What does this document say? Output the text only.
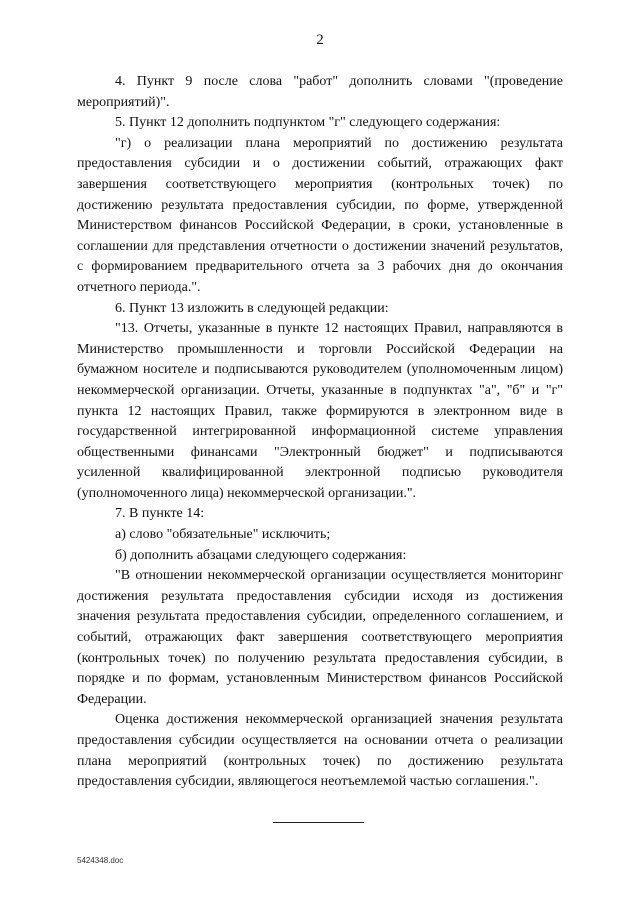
2

4. Пункт 9 после слова "работ" дополнить словами "(проведение мероприятий)".

5. Пункт 12 дополнить подпунктом "г" следующего содержания:

"г) о реализации плана мероприятий по достижению результата предоставления субсидии и о достижении событий, отражающих факт завершения соответствующего мероприятия (контрольных точек) по достижению результата предоставления субсидии, по форме, утвержденной Министерством финансов Российской Федерации, в сроки, установленные в соглашении для представления отчетности о достижении значений результатов, с формированием предварительного отчета за 3 рабочих дня до окончания отчетного периода.".

6. Пункт 13 изложить в следующей редакции:

"13. Отчеты, указанные в пункте 12 настоящих Правил, направляются в Министерство промышленности и торговли Российской Федерации на бумажном носителе и подписываются руководителем (уполномоченным лицом) некоммерческой организации. Отчеты, указанные в подпунктах "а", "б" и "г" пункта 12 настоящих Правил, также формируются в электронном виде в государственной интегрированной информационной системе управления общественными финансами "Электронный бюджет" и подписываются усиленной квалифицированной электронной подписью руководителя (уполномоченного лица) некоммерческой организации.".

7. В пункте 14:

а) слово "обязательные" исключить;

б) дополнить абзацами следующего содержания:

"В отношении некоммерческой организации осуществляется мониторинг достижения результата предоставления субсидии исходя из достижения значения результата предоставления субсидии, определенного соглашением, и событий, отражающих факт завершения соответствующего мероприятия (контрольных точек) по получению результата предоставления субсидии, в порядке и по формам, установленным Министерством финансов Российской Федерации.

Оценка достижения некоммерческой организацией значения результата предоставления субсидии осуществляется на основании отчета о реализации плана мероприятий (контрольных точек) по достижению результата предоставления субсидии, являющегося неотъемлемой частью соглашения.".

5424348.doc
